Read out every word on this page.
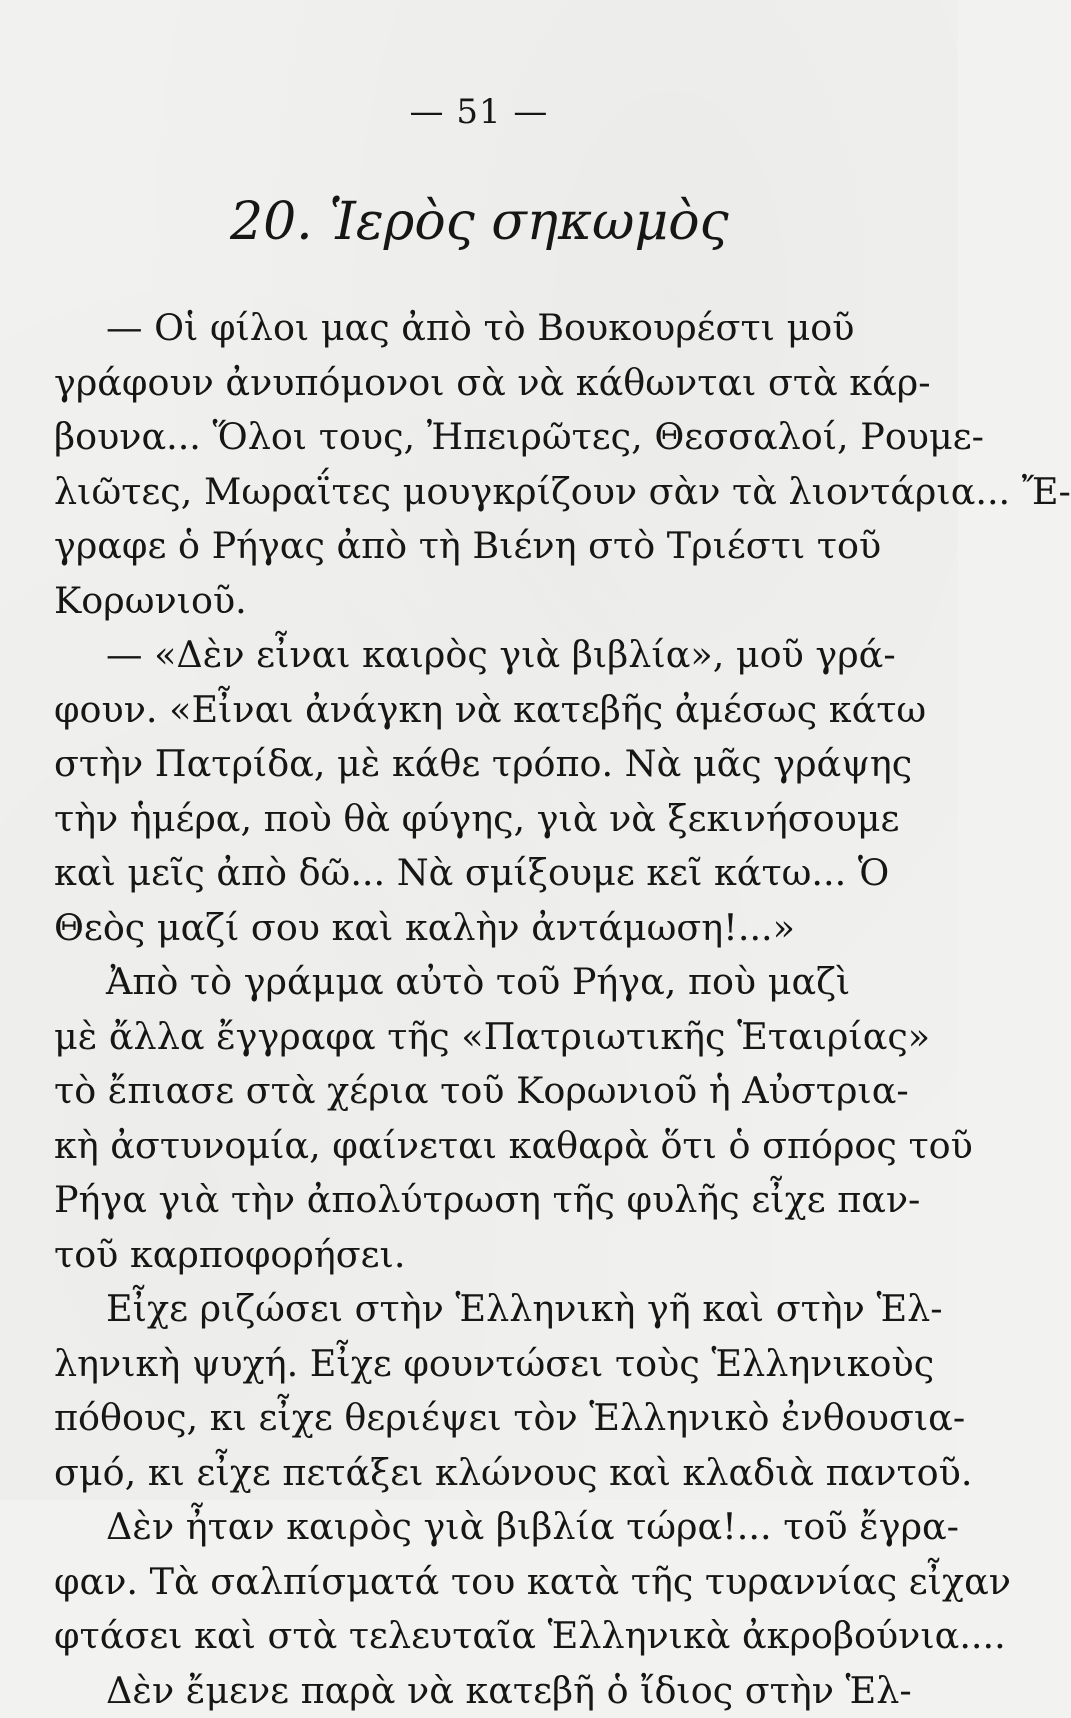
— 51 —
20. Ἱερὸς σηκωμὸς
— Οἱ φίλοι μας ἀπὸ τὸ Βουκουρέστι μοῦ
γράφουν ἀνυπόμονοι σὰ νὰ κάθωνται στὰ κάρ-
βουνα... Ὅλοι τους, Ἠπειρῶτες, Θεσσαλοί, Ρουμε-
λιῶτες, Μωραΐτες μουγκρίζουν σὰν τὰ λιοντάρια... Ἔ-
γραφε ὁ Ρήγας ἀπὸ τὴ Βιένη στὸ Τριέστι τοῦ
Κορωνιοῦ.
— «Δὲν εἶναι καιρὸς γιὰ βιβλία», μοῦ γρά-
φουν. «Εἶναι ἀνάγκη νὰ κατεβῆς ἀμέσως κάτω
στὴν Πατρίδα, μὲ κάθε τρόπο. Νὰ μᾶς γράψης
τὴν ἡμέρα, ποὺ θὰ φύγης, γιὰ νὰ ξεκινήσουμε
καὶ μεῖς ἀπὸ δῶ... Νὰ σμίξουμε κεῖ κάτω... Ὁ
Θεὸς μαζί σου καὶ καλὴν ἀντάμωση!...»
Ἀπὸ τὸ γράμμα αὐτὸ τοῦ Ρήγα, ποὺ μαζὶ
μὲ ἄλλα ἔγγραφα τῆς «Πατριωτικῆς Ἑταιρίας»
τὸ ἔπιασε στὰ χέρια τοῦ Κορωνιοῦ ἡ Αὐστρια-
κὴ ἀστυνομία, φαίνεται καθαρὰ ὅτι ὁ σπόρος τοῦ
Ρήγα γιὰ τὴν ἀπολύτρωση τῆς φυλῆς εἶχε παν-
τοῦ καρποφορήσει.
Εἶχε ριζώσει στὴν Ἑλληνικὴ γῆ καὶ στὴν Ἑλ-
ληνικὴ ψυχή. Εἶχε φουντώσει τοὺς Ἑλληνικοὺς
πόθους, κι εἶχε θεριέψει τὸν Ἑλληνικὸ ἐνθουσια-
σμό, κι εἶχε πετάξει κλώνους καὶ κλαδιὰ παντοῦ.
Δὲν ἦταν καιρὸς γιὰ βιβλία τώρα!... τοῦ ἔγρα-
φαν. Τὰ σαλπίσματά του κατὰ τῆς τυραννίας εἶχαν
φτάσει καὶ στὰ τελευταῖα Ἑλληνικὰ ἀκροβούνια....
Δὲν ἔμενε παρὰ νὰ κατεβῆ ὁ ἴδιος στὴν Ἑλ-
